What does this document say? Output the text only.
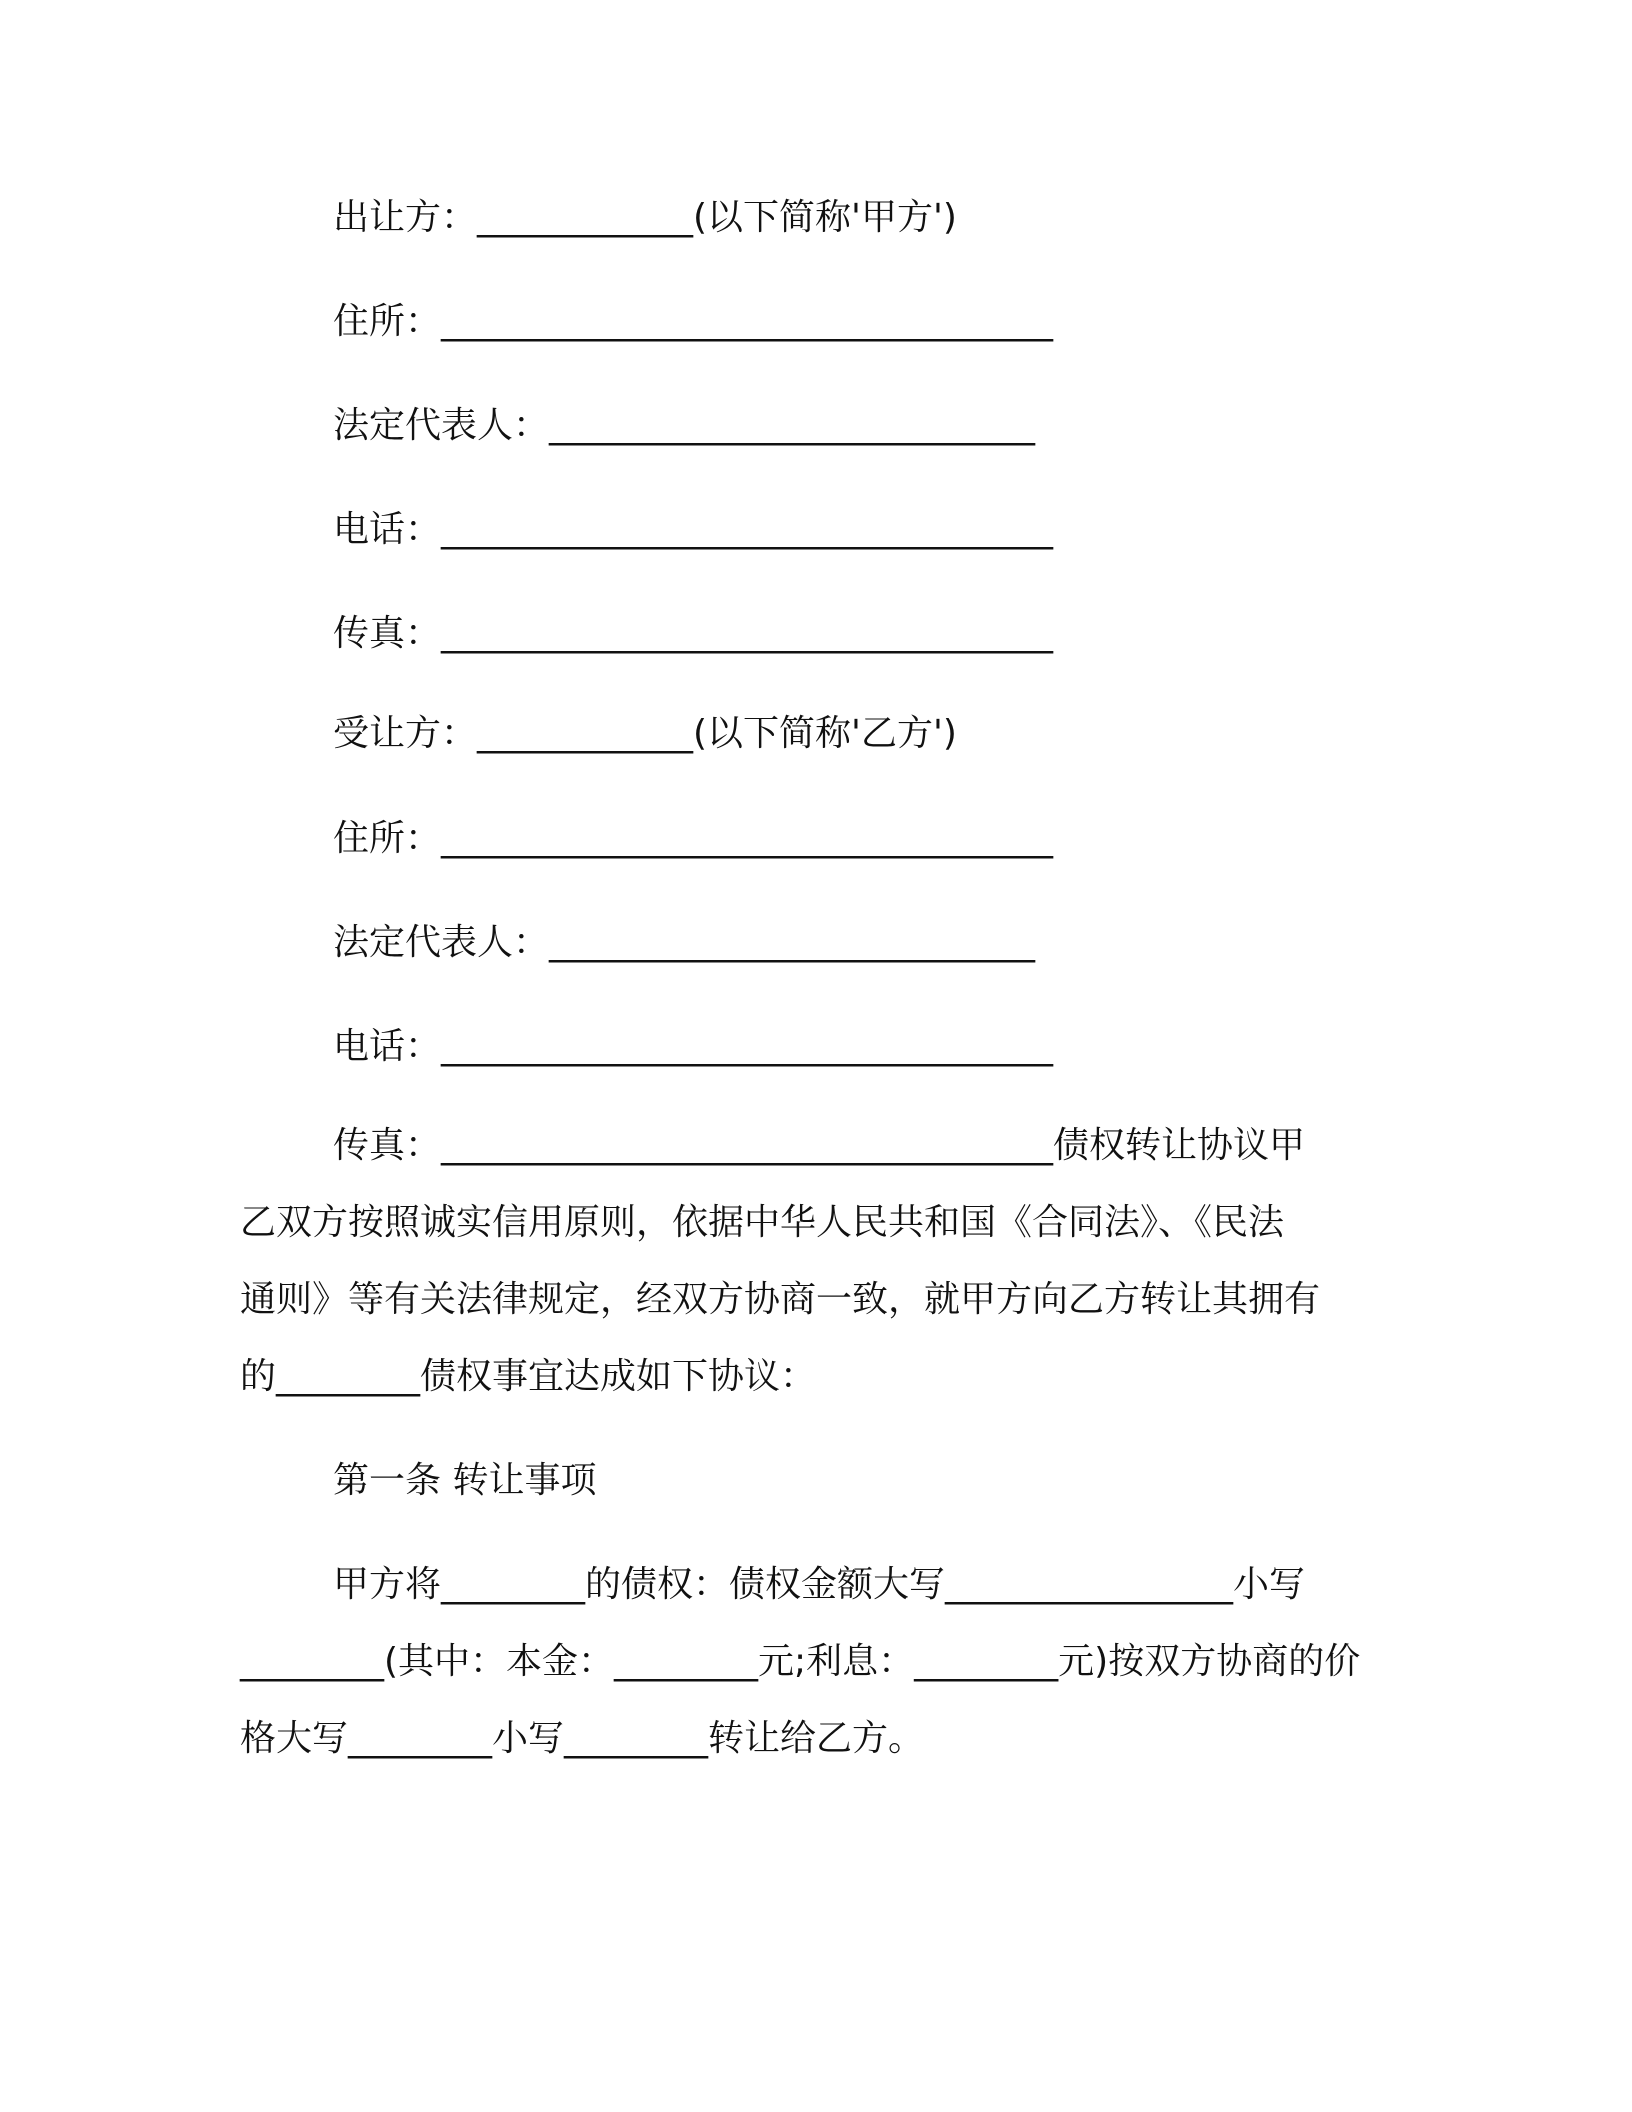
出让方：____________(以下简称'甲方')
住所：__________________________________
法定代表人：___________________________
电话：__________________________________
传真：__________________________________
受让方：____________(以下简称'乙方')
住所：__________________________________
法定代表人：___________________________
电话：__________________________________
传真：__________________________________债权转让协议甲
乙双方按照诚实信用原则，依据中华人民共和国《合同法》、《民法
通则》等有关法律规定，经双方协商一致，就甲方向乙方转让其拥有
的________债权事宜达成如下协议：
第一条 转让事项
甲方将________的债权：债权金额大写________________小写
________(其中：本金：________元;利息：________元)按双方协商的价
格大写________小写________转让给乙方。
